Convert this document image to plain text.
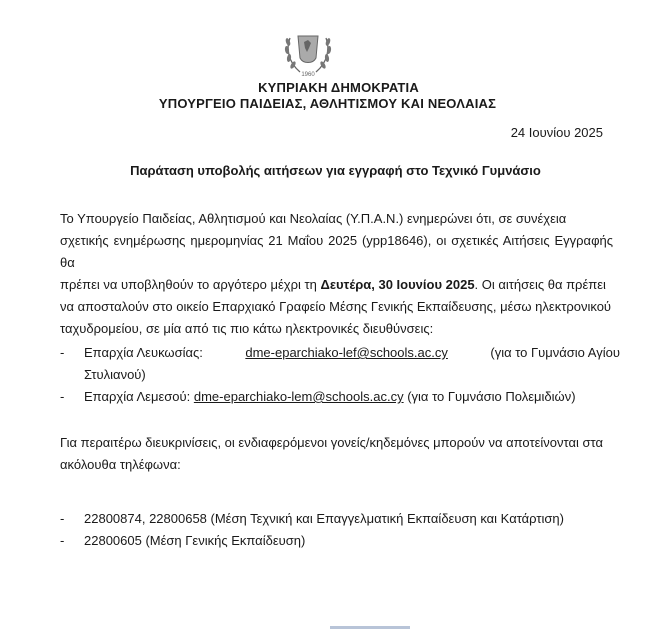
1960
ΚΥΠΡΙΑΚΗ ΔΗΜΟΚΡΑΤΙΑ
ΥΠΟΥΡΓΕΙΟ ΠΑΙΔΕΙΑΣ, ΑΘΛΗΤΙΣΜΟΥ ΚΑΙ ΝΕΟΛΑΙΑΣ
24 Ιουνίου 2025
Παράταση υποβολής αιτήσεων για εγγραφή στο Τεχνικό Γυμνάσιο
Το Υπουργείο Παιδείας, Αθλητισμού και Νεολαίας (Υ.Π.Α.Ν.) ενημερώνει ότι, σε συνέχεια
σχετικής ενημέρωσης ημερομηνίας 21 Μαΐου 2025 (ypp18646), οι σχετικές Αιτήσεις Εγγραφής θα
πρέπει να υποβληθούν το αργότερο μέχρι τη Δευτέρα, 30 Ιουνίου 2025. Οι αιτήσεις θα πρέπει
να αποσταλούν στο οικείο Επαρχιακό Γραφείο Μέσης Γενικής Εκπαίδευσης, μέσω ηλεκτρονικού
ταχυδρομείου, σε μία από τις πιο κάτω ηλεκτρονικές διευθύνσεις:
- Επαρχία Λευκωσίας:	dme-eparchiako-lef@schools.ac.cy	(για το Γυμνάσιο Αγίου
Στυλιανού)
- Επαρχία Λεμεσού: dme-eparchiako-lem@schools.ac.cy (για το Γυμνάσιο Πολεμιδιών)
Για περαιτέρω διευκρινίσεις, οι ενδιαφερόμενοι γονείς/κηδεμόνες μπορούν να αποτείνονται στα
ακόλουθα τηλέφωνα:
- 22800874, 22800658 (Μέση Τεχνική και Επαγγελματική Εκπαίδευση και Κατάρτιση)
- 22800605 (Μέση Γενικής Εκπαίδευση)
